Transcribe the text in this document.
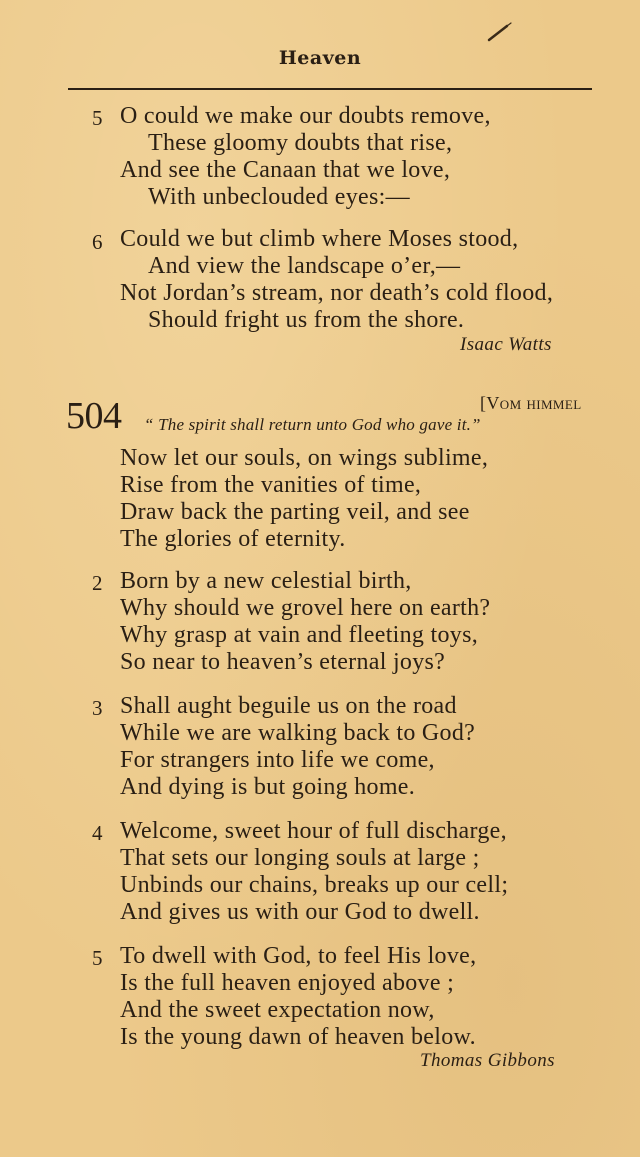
Heaven
5 O could we make our doubts remove,
These gloomy doubts that rise,
And see the Canaan that we love,
With unbeclouded eyes:—
6 Could we but climb where Moses stood,
And view the landscape o’er,—
Not Jordan’s stream, nor death’s cold flood,
Should fright us from the shore.
Isaac Watts
504	[Vom himmel
“ The spirit shall return unto God who gave it.”
Now let our souls, on wings sublime,
Rise from the vanities of time,
Draw back the parting veil, and see
The glories of eternity.
2 Born by a new celestial birth,
Why should we grovel here on earth?
Why grasp at vain and fleeting toys,
So near to heaven’s eternal joys?
3 Shall aught beguile us on the road
While we are walking back to God?
For strangers into life we come,
And dying is but going home.
4 Welcome, sweet hour of full discharge,
That sets our longing souls at large ;
Unbinds our chains, breaks up our cell;
And gives us with our God to dwell.
5 To dwell with God, to feel His love,
Is the full heaven enjoyed above ;
And the sweet expectation now,
Is the young dawn of heaven below.
Thomas Gibbons
